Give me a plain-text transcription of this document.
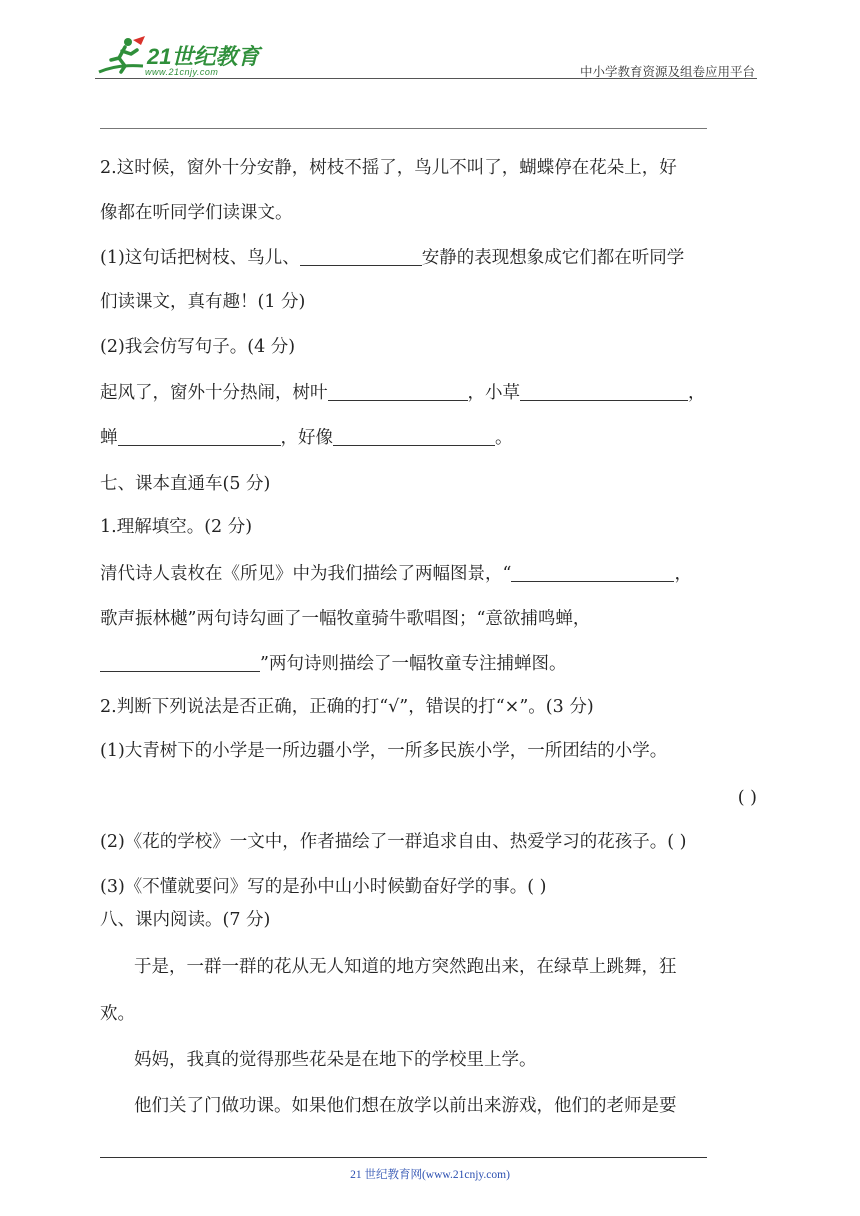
21世纪教育
www.21cnjy.com	中小学教育资源及组卷应用平台
2.这时候，窗外十分安静，树枝不摇了，鸟儿不叫了，蝴蝶停在花朵上，好
像都在听同学们读课文。
(1)这句话把树枝、鸟儿、	安静的表现想象成它们都在听同学
们读课文，真有趣！(1 分)
(2)我会仿写句子。(4 分)
起风了，窗外十分热闹，树叶	，小草	，
蝉	，好像	。
七、课本直通车(5 分)
1.理解填空。(2 分)
清代诗人袁枚在《所见》中为我们描绘了两幅图景，“	，
歌声振林樾”两句诗勾画了一幅牧童骑牛歌唱图；“意欲捕鸣蝉，
”两句诗则描绘了一幅牧童专注捕蝉图。
2.判断下列说法是否正确，正确的打“√”，错误的打“×”。(3 分)
(1)大青树下的小学是一所边疆小学，一所多民族小学，一所团结的小学。
( )
(2)《花的学校》一文中，作者描绘了一群追求自由、热爱学习的花孩子。( )
(3)《不懂就要问》写的是孙中山小时候勤奋好学的事。( )
八、课内阅读。(7 分)
于是，一群一群的花从无人知道的地方突然跑出来，在绿草上跳舞，狂
欢。
妈妈，我真的觉得那些花朵是在地下的学校里上学。
他们关了门做功课。如果他们想在放学以前出来游戏，他们的老师是要
21 世纪教育网(www.21cnjy.com)
